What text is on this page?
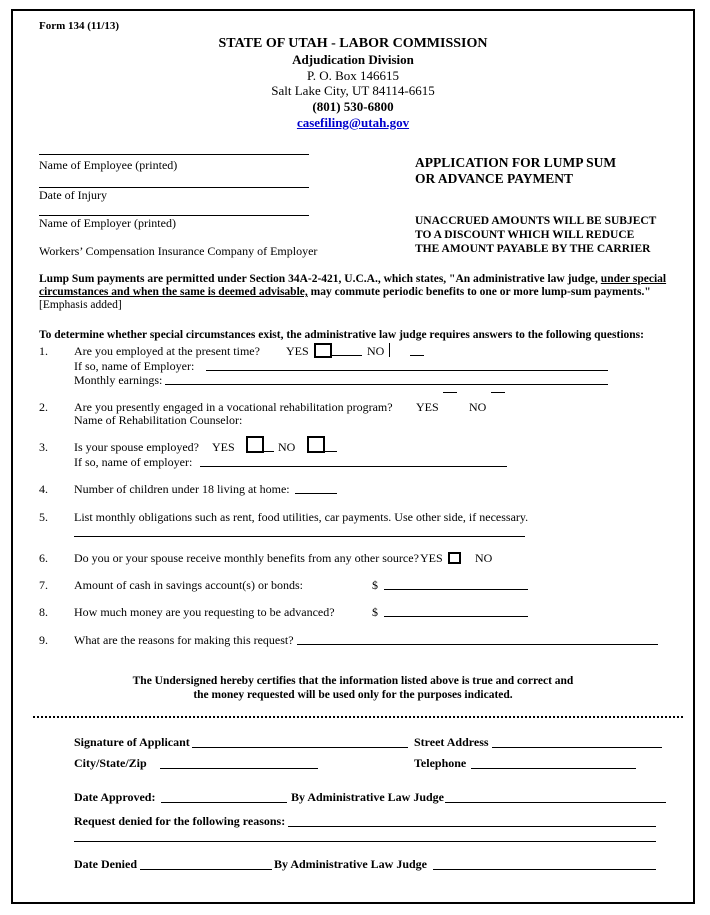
Form 134 (11/13)
STATE OF UTAH - LABOR COMMISSION
Adjudication Division
P. O. Box 146615
Salt Lake City, UT 84114-6615
(801) 530-6800
casefiling@utah.gov
Name of Employee (printed)
Date of Injury
Name of Employer (printed)
Workers’ Compensation Insurance Company of Employer
APPLICATION FOR LUMP SUM
OR ADVANCE PAYMENT
UNACCRUED AMOUNTS WILL BE SUBJECT
TO A DISCOUNT WHICH WILL REDUCE
THE AMOUNT PAYABLE BY THE CARRIER
Lump Sum payments are permitted under Section 34A-2-421, U.C.A., which states, "An administrative law judge, under special circumstances and when the same is deemed advisable, may commute periodic benefits to one or more lump-sum payments." [Emphasis added]
To determine whether special circumstances exist, the administrative law judge requires answers to the following questions:
1. Are you employed at the present time? YES	NO
If so, name of Employer:
Monthly earnings:
2. Are you presently engaged in a vocational rehabilitation program? YES	NO
Name of Rehabilitation Counselor:
3. Is your spouse employed? YES	NO
If so, name of employer:
4. Number of children under 18 living at home:
5. List monthly obligations such as rent, food utilities, car payments. Use other side, if necessary.
6. Do you or your spouse receive monthly benefits from any other source? YES	NO
7. Amount of cash in savings account(s) or bonds:	$
8. How much money are you requesting to be advanced?	$
9. What are the reasons for making this request?
The Undersigned hereby certifies that the information listed above is true and correct and
the money requested will be used only for the purposes indicated.
Signature of Applicant	Street Address
City/State/Zip	Telephone
Date Approved:	By Administrative Law Judge
Request denied for the following reasons:
Date Denied	By Administrative Law Judge
